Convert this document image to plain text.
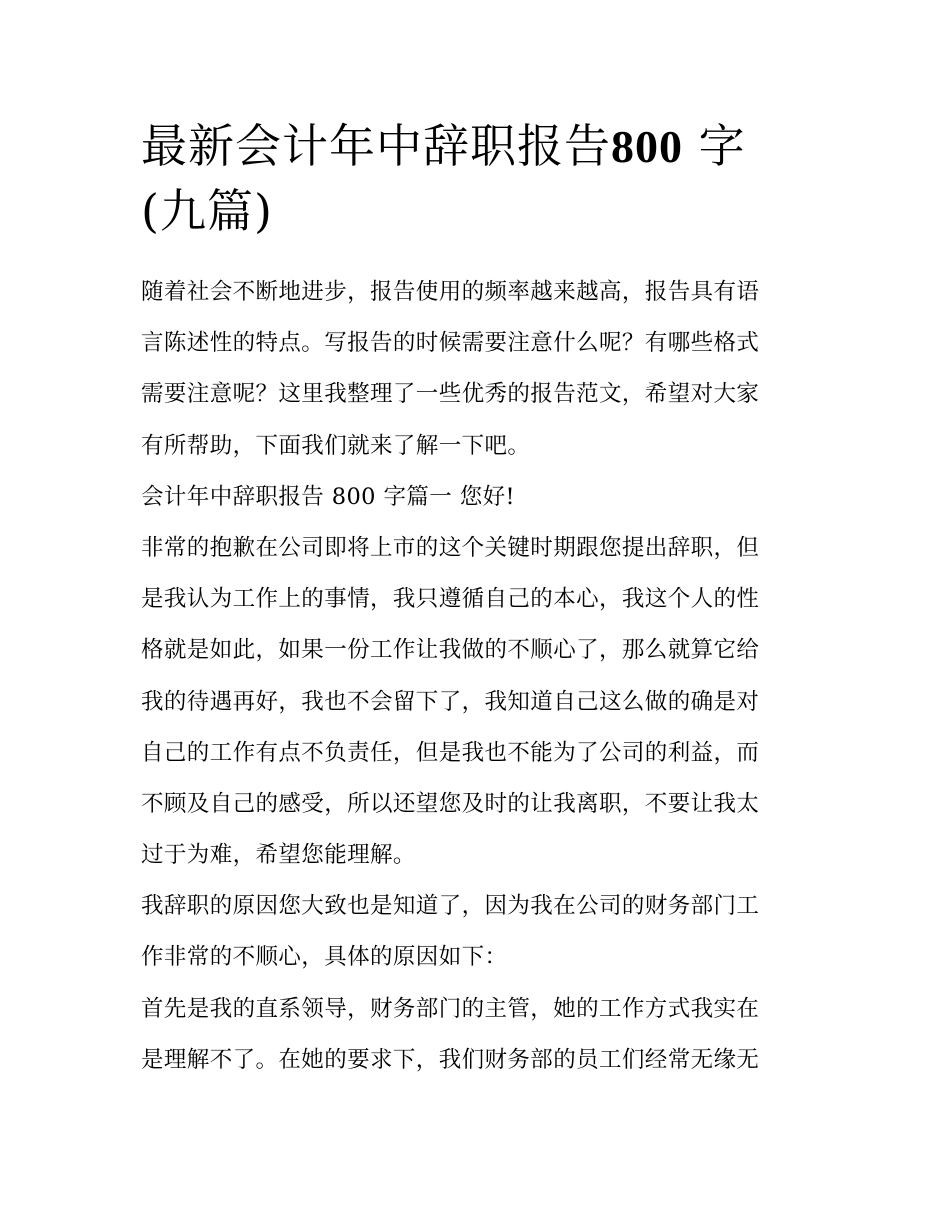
最新会计年中辞职报告800 字
(九篇)
随着社会不断地进步，报告使用的频率越来越高，报告具有语
言陈述性的特点。写报告的时候需要注意什么呢？有哪些格式
需要注意呢？这里我整理了一些优秀的报告范文，希望对大家
有所帮助，下面我们就来了解一下吧。
会计年中辞职报告 800 字篇一 您好!
非常的抱歉在公司即将上市的这个关键时期跟您提出辞职，但
是我认为工作上的事情，我只遵循自己的本心，我这个人的性
格就是如此，如果一份工作让我做的不顺心了，那么就算它给
我的待遇再好，我也不会留下了，我知道自己这么做的确是对
自己的工作有点不负责任，但是我也不能为了公司的利益，而
不顾及自己的感受，所以还望您及时的让我离职，不要让我太
过于为难，希望您能理解。
我辞职的原因您大致也是知道了，因为我在公司的财务部门工
作非常的不顺心，具体的原因如下：
首先是我的直系领导，财务部门的主管，她的工作方式我实在
是理解不了。在她的要求下，我们财务部的员工们经常无缘无
